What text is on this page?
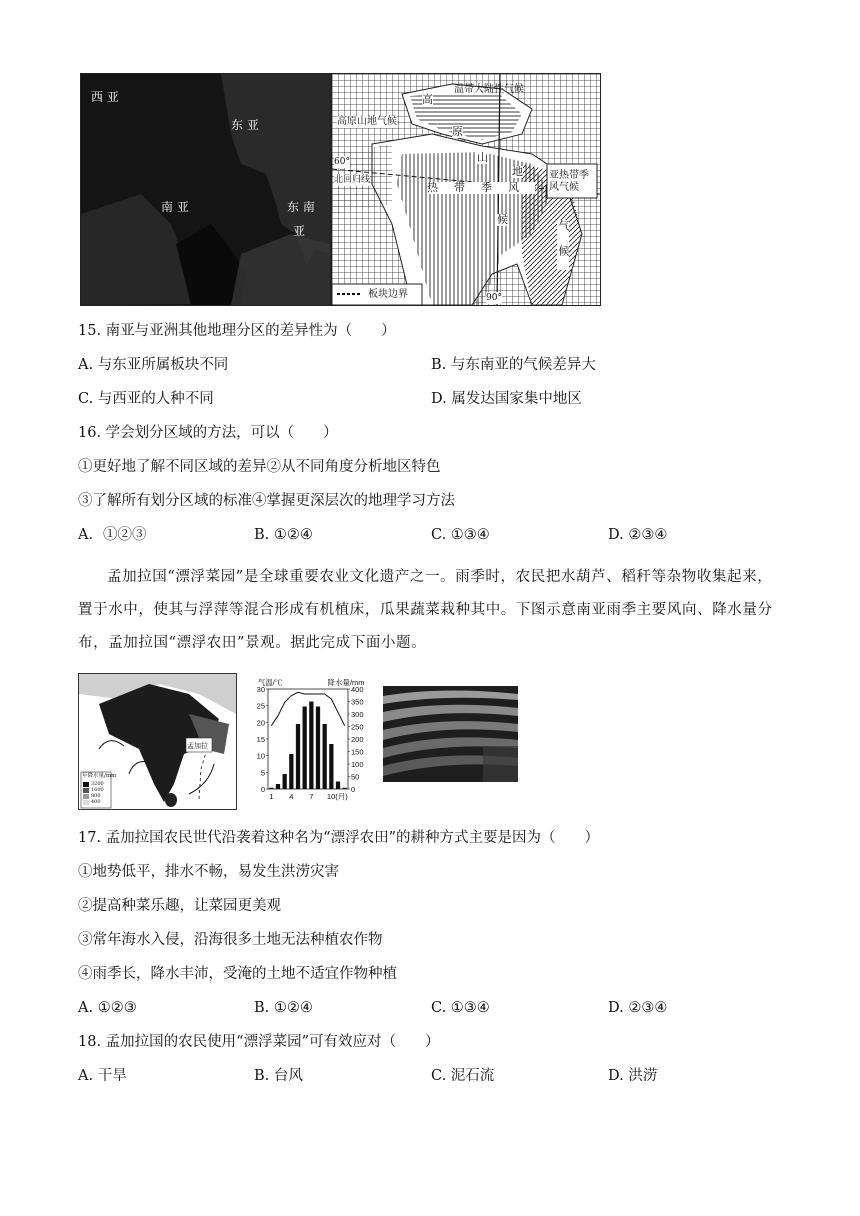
西 亚
东 亚
南 亚	东 南
亚
温带大陆性气候
高原山地气候
北回归线
热带季风
气候
亚热带季风气候
高
原
山
地
候
板块边界
60°
90°
15. 南亚与亚洲其他地理分区的差异性为（　　）
A. 与东亚所属板块不同	B. 与东南亚的气候差异大
C. 与西亚的人种不同	D. 属发达国家集中地区
16. 学会划分区域的方法，可以（　　）
①更好地了解不同区域的差异②从不同角度分析地区特色
③了解所有划分区域的标准④掌握更深层次的地理学习方法
A．①②③	B. ①②④	C. ①③④	D. ②③④
孟加拉国“漂浮菜园”是全球重要农业文化遗产之一。雨季时，农民把水葫芦、稻秆等杂物收集起来，置于水中，使其与浮萍等混合形成有机植床，瓜果蔬菜栽种其中。下图示意南亚雨季主要风向、降水量分布，孟加拉国“漂浮农田”景观。据此完成下面小题。
孟加拉
年降水量/mm
3200
1600
800
400
30
25
20
15
10
5
0
400
350
300
250
200
150
100
50
0
气温/℃	降水量/mm
1 4 7 10(月)
17. 孟加拉国农民世代沿袭着这种名为“漂浮农田”的耕种方式主要是因为（　　）
①地势低平，排水不畅，易发生洪涝灾害
②提高种菜乐趣，让菜园更美观
③常年海水入侵，沿海很多土地无法种植农作物
④雨季长，降水丰沛，受淹的土地不适宜作物种植
A. ①②③	B. ①②④	C. ①③④	D. ②③④
18. 孟加拉国的农民使用“漂浮菜园”可有效应对（　　）
A. 干旱	B. 台风	C. 泥石流	D. 洪涝
